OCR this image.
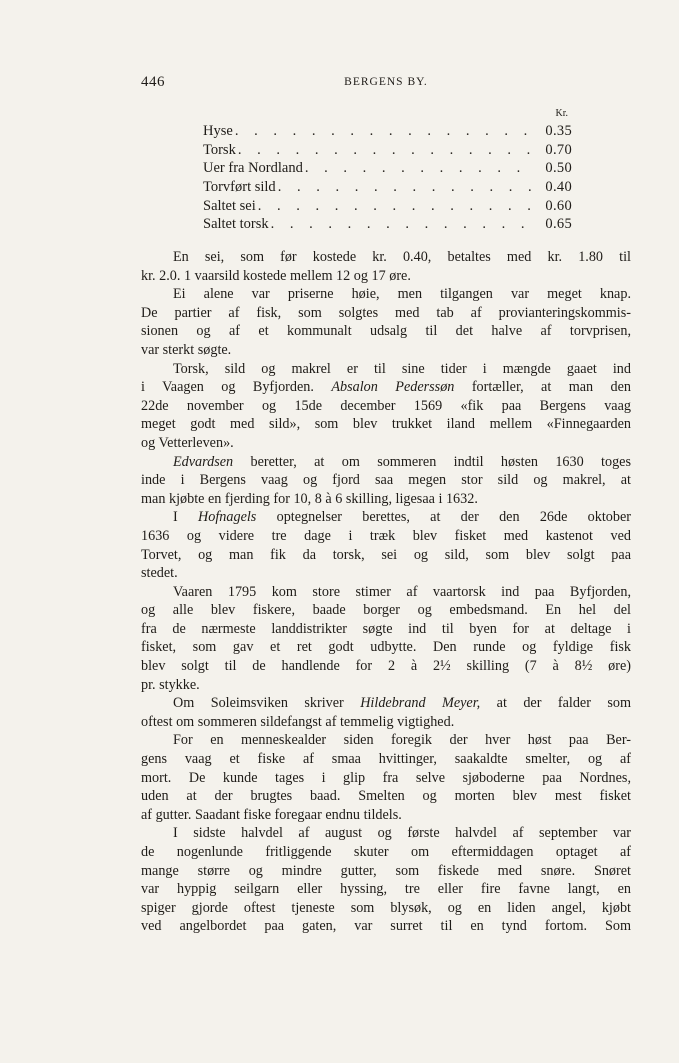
446	BERGENS BY.
Kr.
Hyse . . .	0.35
Torsk . . .	0.70
Uer fra Nordland . . .	0.50
Torvført sild . . .	0.40
Saltet sei . . .	0.60
Saltet torsk . . .	0.65
En sei, som før kostede kr. 0.40, betaltes med kr. 1.80 til
kr. 2.0. 1 vaarsild kostede mellem 12 og 17 øre.
Ei alene var priserne høie, men tilgangen var meget knap.
De partier af fisk, som solgtes med tab af provianteringskommis-
sionen og af et kommunalt udsalg til det halve af torvprisen,
var sterkt søgte.
Torsk, sild og makrel er til sine tider i mængde gaaet ind
i Vaagen og Byfjorden. Absalon Pederssøn fortæller, at man den
22de november og 15de december 1569 «fik paa Bergens vaag
meget godt med sild», som blev trukket iland mellem «Finnegaarden
og Vetterleven».
Edvardsen beretter, at om sommeren indtil høsten 1630 toges
inde i Bergens vaag og fjord saa megen stor sild og makrel, at
man kjøbte en fjerding for 10, 8 à 6 skilling, ligesaa i 1632.
I Hofnagels optegnelser berettes, at der den 26de oktober
1636 og videre tre dage i træk blev fisket med kastenot ved
Torvet, og man fik da torsk, sei og sild, som blev solgt paa
stedet.
Vaaren 1795 kom store stimer af vaartorsk ind paa Byfjorden,
og alle blev fiskere, baade borger og embedsmand. En hel del
fra de nærmeste landdistrikter søgte ind til byen for at deltage i
fisket, som gav et ret godt udbytte. Den runde og fyldige fisk
blev solgt til de handlende for 2 à 2½ skilling (7 à 8½ øre)
pr. stykke.
Om Soleimsviken skriver Hildebrand Meyer, at der falder som
oftest om sommeren sildefangst af temmelig vigtighed.
For en menneskealder siden foregik der hver høst paa Ber-
gens vaag et fiske af smaa hvittinger, saakaldte smelter, og af
mort. De kunde tages i glip fra selve sjøboderne paa Nordnes,
uden at der brugtes baad. Smelten og morten blev mest fisket
af gutter. Saadant fiske foregaar endnu tildels.
I sidste halvdel af august og første halvdel af september var
de nogenlunde fritliggende skuter om eftermiddagen optaget af
mange større og mindre gutter, som fiskede med snøre. Snøret
var hyppig seilgarn eller hyssing, tre eller fire favne langt, en
spiger gjorde oftest tjeneste som blysøk, og en liden angel, kjøbt
ved angelbordet paa gaten, var surret til en tynd fortom. Som
